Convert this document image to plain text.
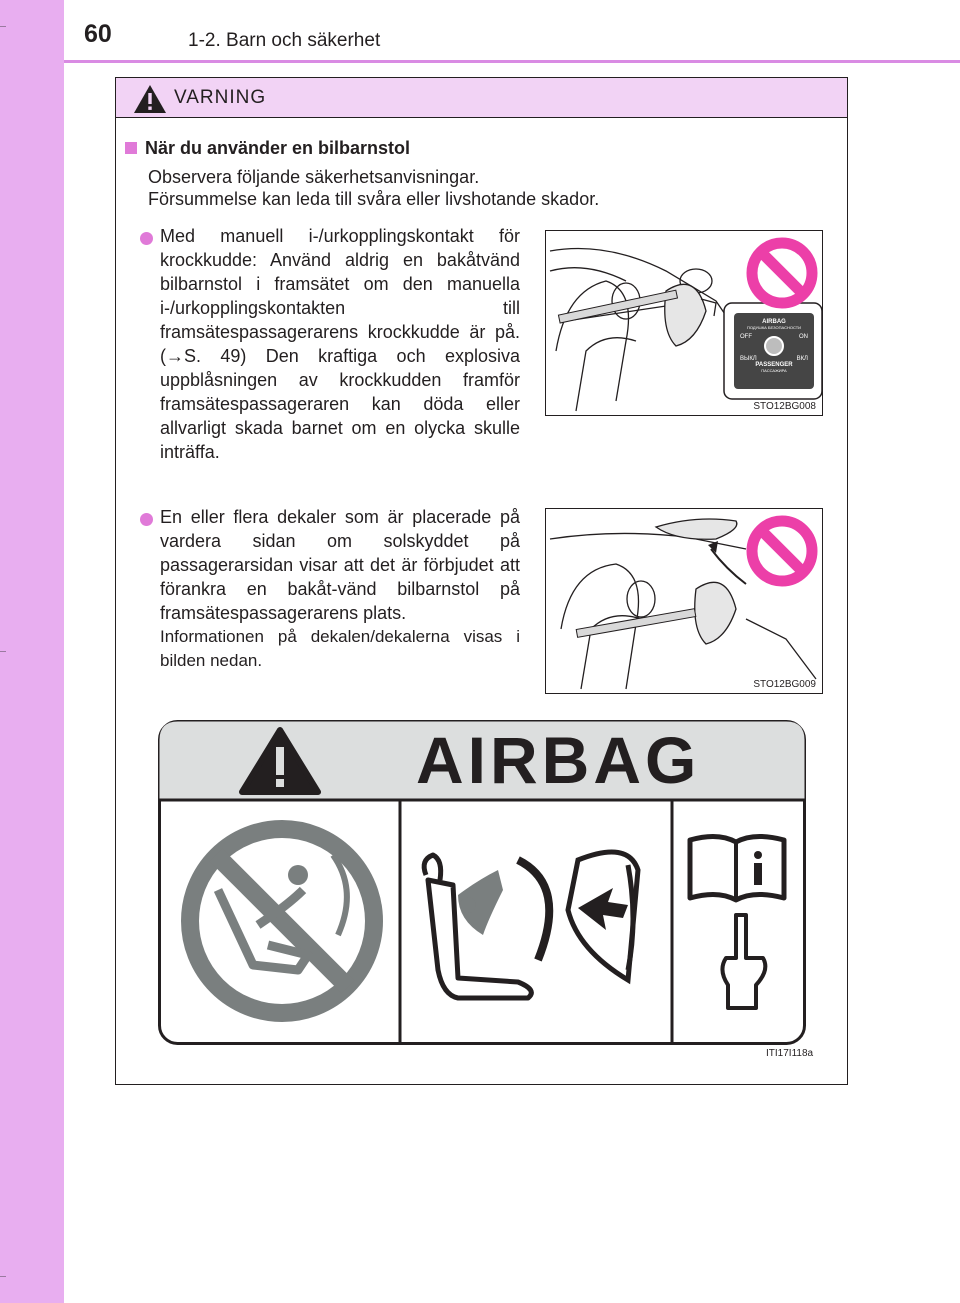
60	1-2. Barn och säkerhet
VARNING
När du använder en bilbarnstol
Observera följande säkerhetsanvisningar.
Försummelse kan leda till svåra eller livshotande skador.
Med manuell i-/urkopplingskontakt för krockkudde: Använd aldrig en bakåtvänd bilbarnstol i framsätet om den manuella i-/urkopplingskontakten till framsätespassagerarens krockkudde är på. (→S. 49) Den kraftiga och explosiva uppblåsningen av krockkudden framför framsätespassageraren kan döda eller allvarligt skada barnet om en olycka skulle inträffa.
En eller flera dekaler som är placerade på vardera sidan om solskyddet på passagerarsidan visar att det är förbjudet att förankra en bakåt-vänd bilbarnstol på framsätespassagerarens plats.
Informationen på dekalen/dekalerna visas i bilden nedan.
AIRBAG
ПОДУШКА БЕЗОПАСНОСТИ
OFF	ON
ВЫКЛ	ВКЛ
PASSENGER
ПАССАЖИРА
STO12BG008
STO12BG009
AIRBAG
ITI17I118a
